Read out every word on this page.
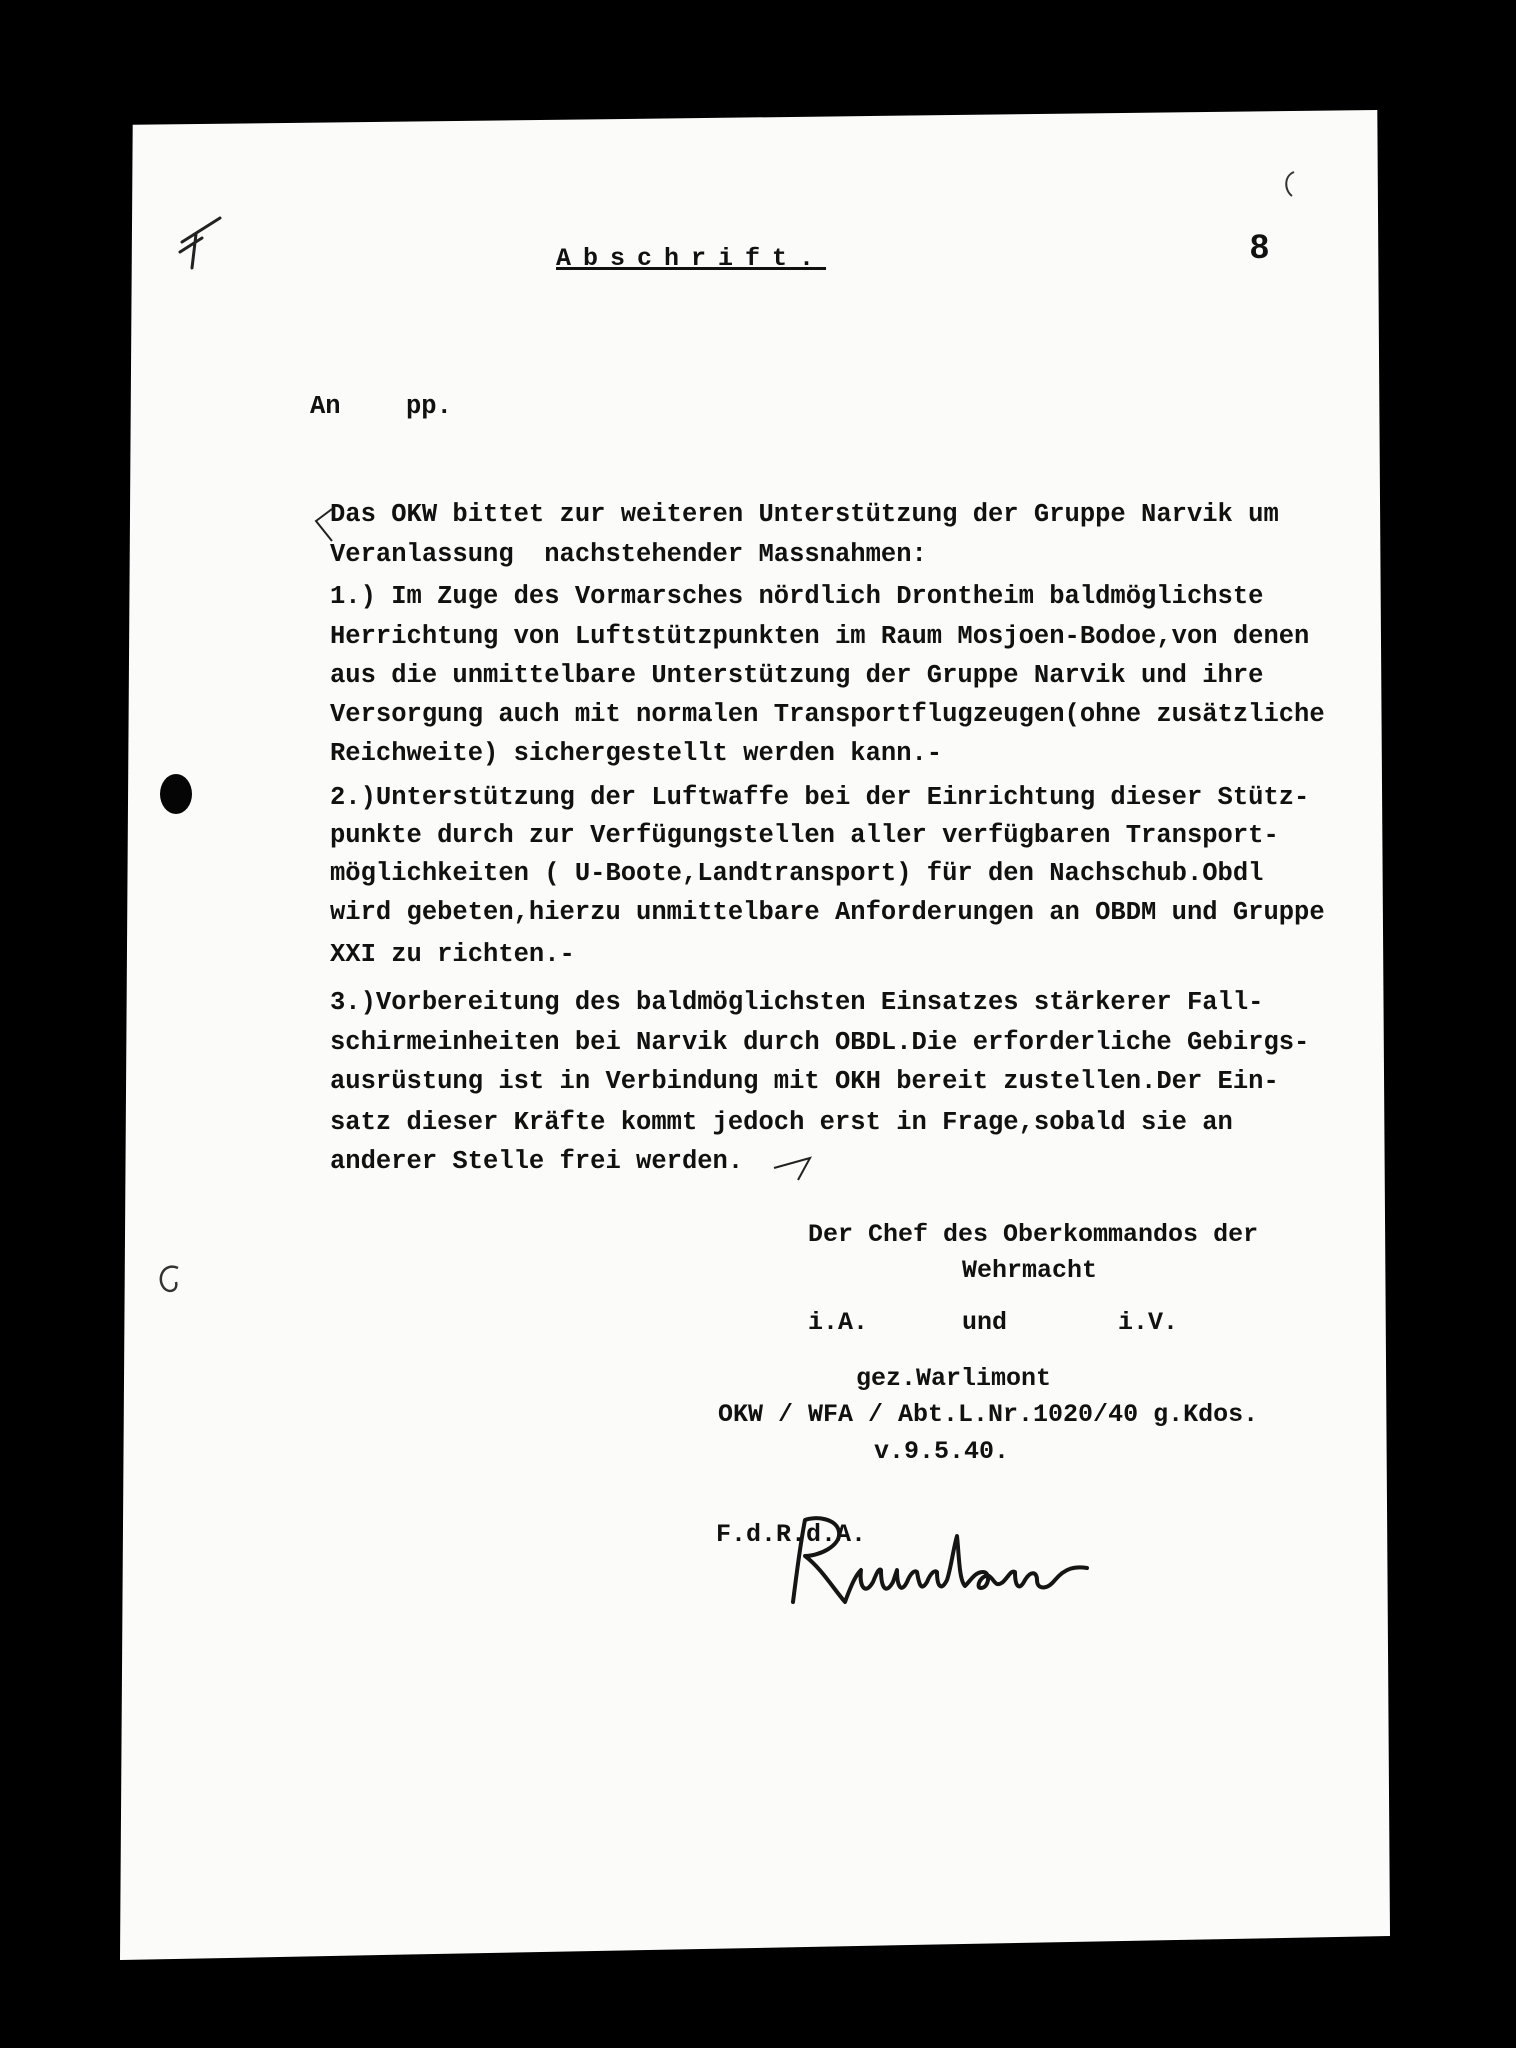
Abschrift.	8
An	pp.
Das OKW bittet zur weiteren Unterstützung der Gruppe Narvik um
Veranlassung  nachstehender Massnahmen:
1.) Im Zuge des Vormarsches nördlich Drontheim baldmöglichste
Herrichtung von Luftstützpunkten im Raum Mosjoen-Bodoe,von denen
aus die unmittelbare Unterstützung der Gruppe Narvik und ihre
Versorgung auch mit normalen Transportflugzeugen(ohne zusätzliche
Reichweite) sichergestellt werden kann.-
2.)Unterstützung der Luftwaffe bei der Einrichtung dieser Stütz-
punkte durch zur Verfügungstellen aller verfügbaren Transport-
möglichkeiten ( U-Boote,Landtransport) für den Nachschub.Obdl
wird gebeten,hierzu unmittelbare Anforderungen an OBDM und Gruppe
XXI zu richten.-
3.)Vorbereitung des baldmöglichsten Einsatzes stärkerer Fall-
schirmeinheiten bei Narvik durch OBDL.Die erforderliche Gebirgs-
ausrüstung ist in Verbindung mit OKH bereit zustellen.Der Ein-
satz dieser Kräfte kommt jedoch erst in Frage,sobald sie an
anderer Stelle frei werden.
Der Chef des Oberkommandos der
Wehrmacht
i.A.	und	i.V.
gez.Warlimont
OKW / WFA / Abt.L.Nr.1020/40 g.Kdos.
v.9.5.40.
F.d.R.d.A.
